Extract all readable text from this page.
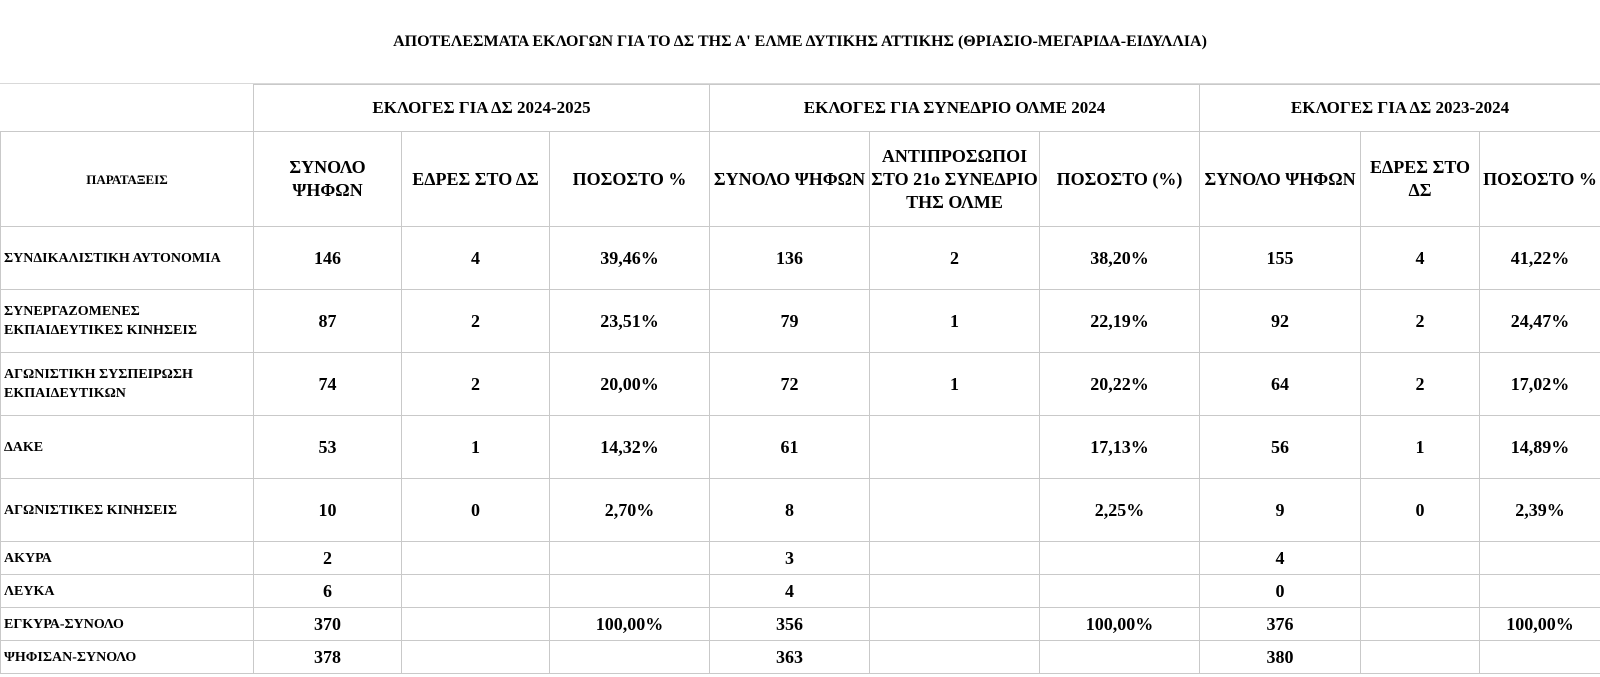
ΑΠΟΤΕΛΕΣΜΑΤΑ ΕΚΛΟΓΩΝ ΓΙΑ ΤΟ ΔΣ ΤΗΣ Α' ΕΛΜΕ ΔΥΤΙΚΗΣ ΑΤΤΙΚΗΣ (ΘΡΙΑΣΙΟ-ΜΕΓΑΡΙΔΑ-ΕΙΔΥΛΛΙΑ)
	ΕΚΛΟΓΕΣ ΓΙΑ ΔΣ 2024-2025			ΕΚΛΟΓΕΣ ΓΙΑ ΣΥΝΕΔΡΙΟ ΟΛΜΕ 2024			ΕΚΛΟΓΕΣ ΓΙΑ ΔΣ 2023-2024		
ΠΑΡΑΤΑΞΕΙΣ	ΣΥΝΟΛΟ ΨΗΦΩΝ	ΕΔΡΕΣ ΣΤΟ ΔΣ	ΠΟΣΟΣΤΟ %	ΣΥΝΟΛΟ ΨΗΦΩΝ	ΑΝΤΙΠΡΟΣΩΠΟΙ ΣΤΟ 21ο ΣΥΝΕΔΡΙΟ ΤΗΣ ΟΛΜΕ	ΠΟΣΟΣΤΟ (%)	ΣΥΝΟΛΟ ΨΗΦΩΝ	ΕΔΡΕΣ ΣΤΟ ΔΣ	ΠΟΣΟΣΤΟ %
ΣΥΝΔΙΚΑΛΙΣΤΙΚΗ ΑΥΤΟΝΟΜΙΑ	146	4	39,46%	136	2	38,20%	155	4	41,22%
ΣΥΝΕΡΓΑΖΟΜΕΝΕΣ ΕΚΠΑΙΔΕΥΤΙΚΕΣ ΚΙΝΗΣΕΙΣ	87	2	23,51%	79	1	22,19%	92	2	24,47%
ΑΓΩΝΙΣΤΙΚΗ ΣΥΣΠΕΙΡΩΣΗ ΕΚΠΑΙΔΕΥΤΙΚΩΝ	74	2	20,00%	72	1	20,22%	64	2	17,02%
ΔΑΚΕ	53	1	14,32%	61		17,13%	56	1	14,89%
ΑΓΩΝΙΣΤΙΚΕΣ ΚΙΝΗΣΕΙΣ	10	0	2,70%	8		2,25%	9	0	2,39%
ΑΚΥΡΑ	2			3			4		
ΛΕΥΚΑ	6			4			0		
ΕΓΚΥΡΑ-ΣΥΝΟΛΟ	370		100,00%	356		100,00%	376		100,00%
ΨΗΦΙΣΑΝ-ΣΥΝΟΛΟ	378			363			380		
